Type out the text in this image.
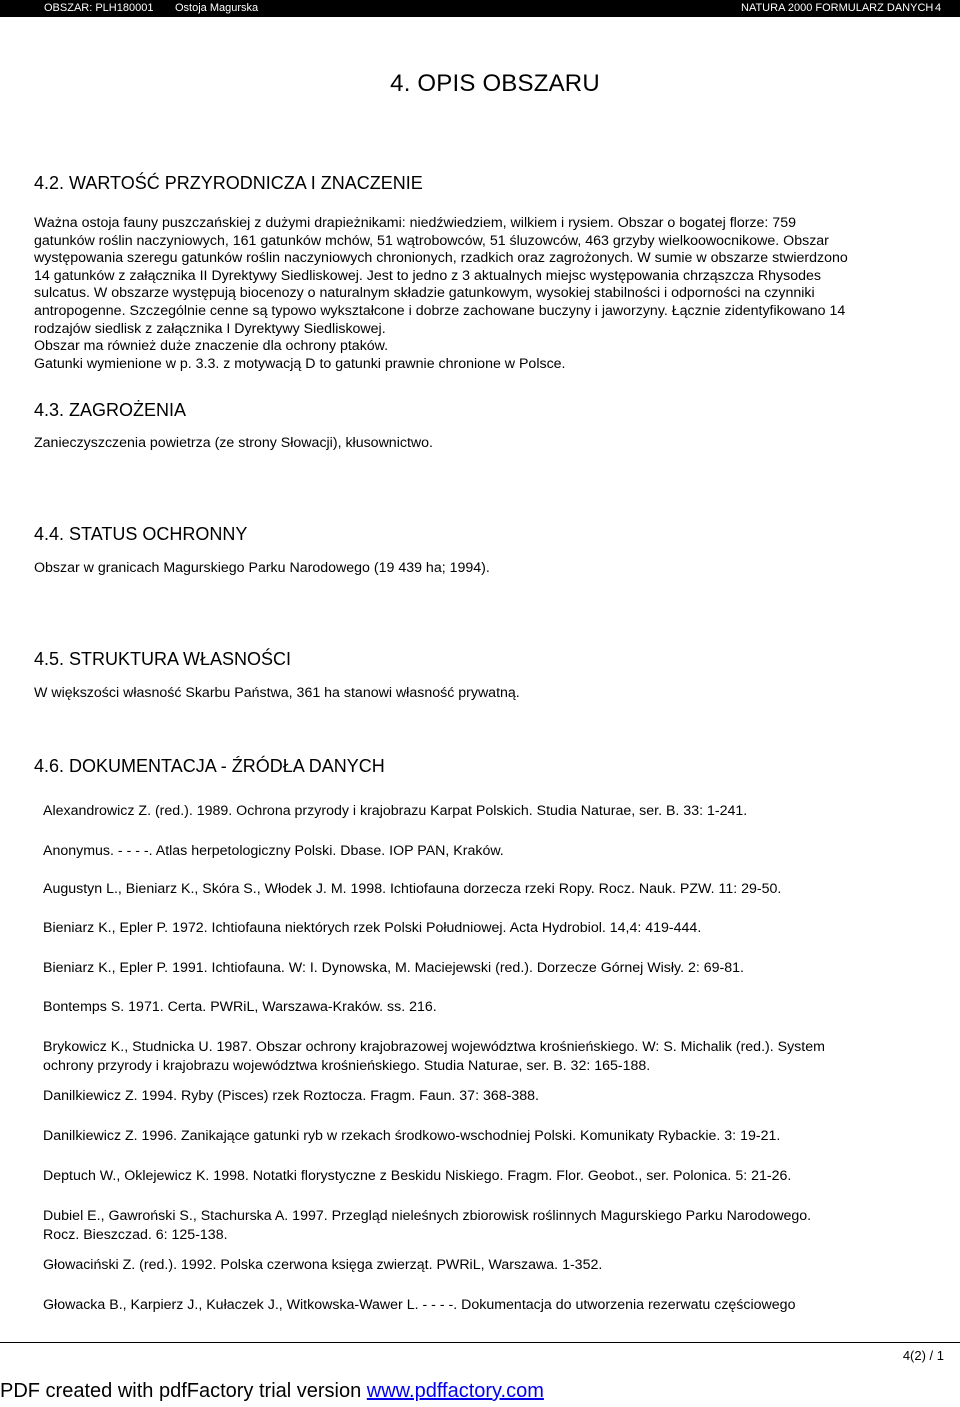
OBSZAR: PLH180001 Ostoja Magurska	NATURA 2000 FORMULARZ DANYCH 4
4. OPIS OBSZARU
4.2. WARTOŚĆ PRZYRODNICZA I ZNACZENIE

Ważna ostoja fauny puszczańskiej z dużymi drapieżnikami: niedźwiedziem, wilkiem i rysiem. Obszar o bogatej florze: 759

gatunków roślin naczyniowych, 161 gatunków mchów, 51 wątrobowców, 51 śluzowców, 463 grzyby wielkoowocnikowe. Obszar

występowania szeregu gatunków roślin naczyniowych chronionych, rzadkich oraz zagrożonych. W sumie w obszarze stwierdzono

14 gatunków z załącznika II Dyrektywy Siedliskowej. Jest to jedno z 3 aktualnych miejsc występowania chrząszcza Rhysodes

sulcatus. W obszarze występują biocenozy o naturalnym składzie gatunkowym, wysokiej stabilności i odporności na czynniki

antropogenne. Szczególnie cenne są typowo wykształcone i dobrze zachowane buczyny i jaworzyny. Łącznie zidentyfikowano 14

rodzajów siedlisk z załącznika I Dyrektywy Siedliskowej.

Obszar ma również duże znaczenie dla ochrony ptaków.

Gatunki wymienione w p. 3.3. z motywacją D to gatunki prawnie chronione w Polsce.

4.3. ZAGROŻENIA

Zanieczyszczenia powietrza (ze strony Słowacji), kłusownictwo.

4.4. STATUS OCHRONNY

Obszar w granicach Magurskiego Parku Narodowego (19 439 ha; 1994).

4.5. STRUKTURA WŁASNOŚCI

W większości własność Skarbu Państwa, 361 ha stanowi własność prywatną.

4.6. DOKUMENTACJA - ŹRÓDŁA DANYCH
Alexandrowicz Z. (red.). 1989. Ochrona przyrody i krajobrazu Karpat Polskich. Studia Naturae, ser. B. 33: 1-241.
Anonymus. - - - -. Atlas herpetologiczny Polski. Dbase. IOP PAN, Kraków.
Augustyn L., Bieniarz K., Skóra S., Włodek J. M. 1998. Ichtiofauna dorzecza rzeki Ropy. Rocz. Nauk. PZW. 11: 29-50.
Bieniarz K., Epler P. 1972. Ichtiofauna niektórych rzek Polski Południowej. Acta Hydrobiol. 14,4: 419-444.
Bieniarz K., Epler P. 1991. Ichtiofauna. W: I. Dynowska, M. Maciejewski (red.). Dorzecze Górnej Wisły. 2: 69-81.
Bontemps S. 1971. Certa. PWRiL, Warszawa-Kraków. ss. 216.
Brykowicz K., Studnicka U. 1987. Obszar ochrony krajobrazowej województwa krośnieńskiego. W: S. Michalik (red.). System
ochrony przyrody i krajobrazu województwa krośnieńskiego. Studia Naturae, ser. B. 32: 165-188.
Danilkiewicz Z. 1994. Ryby (Pisces) rzek Roztocza. Fragm. Faun. 37: 368-388.
Danilkiewicz Z. 1996. Zanikające gatunki ryb w rzekach środkowo-wschodniej Polski. Komunikaty Rybackie. 3: 19-21.
Deptuch W., Oklejewicz K. 1998. Notatki florystyczne z Beskidu Niskiego. Fragm. Flor. Geobot., ser. Polonica. 5: 21-26.
Dubiel E., Gawroński S., Stachurska A. 1997. Przegląd nieleśnych zbiorowisk roślinnych Magurskiego Parku Narodowego.
Rocz. Bieszczad. 6: 125-138.
Głowaciński Z. (red.). 1992. Polska czerwona księga zwierząt. PWRiL, Warszawa. 1-352.
Głowacka B., Karpierz J., Kułaczek J., Witkowska-Wawer L. - - - -. Dokumentacja do utworzenia rezerwatu częściowego
4(2) / 1
PDF created with pdfFactory trial version www.pdffactory.com
